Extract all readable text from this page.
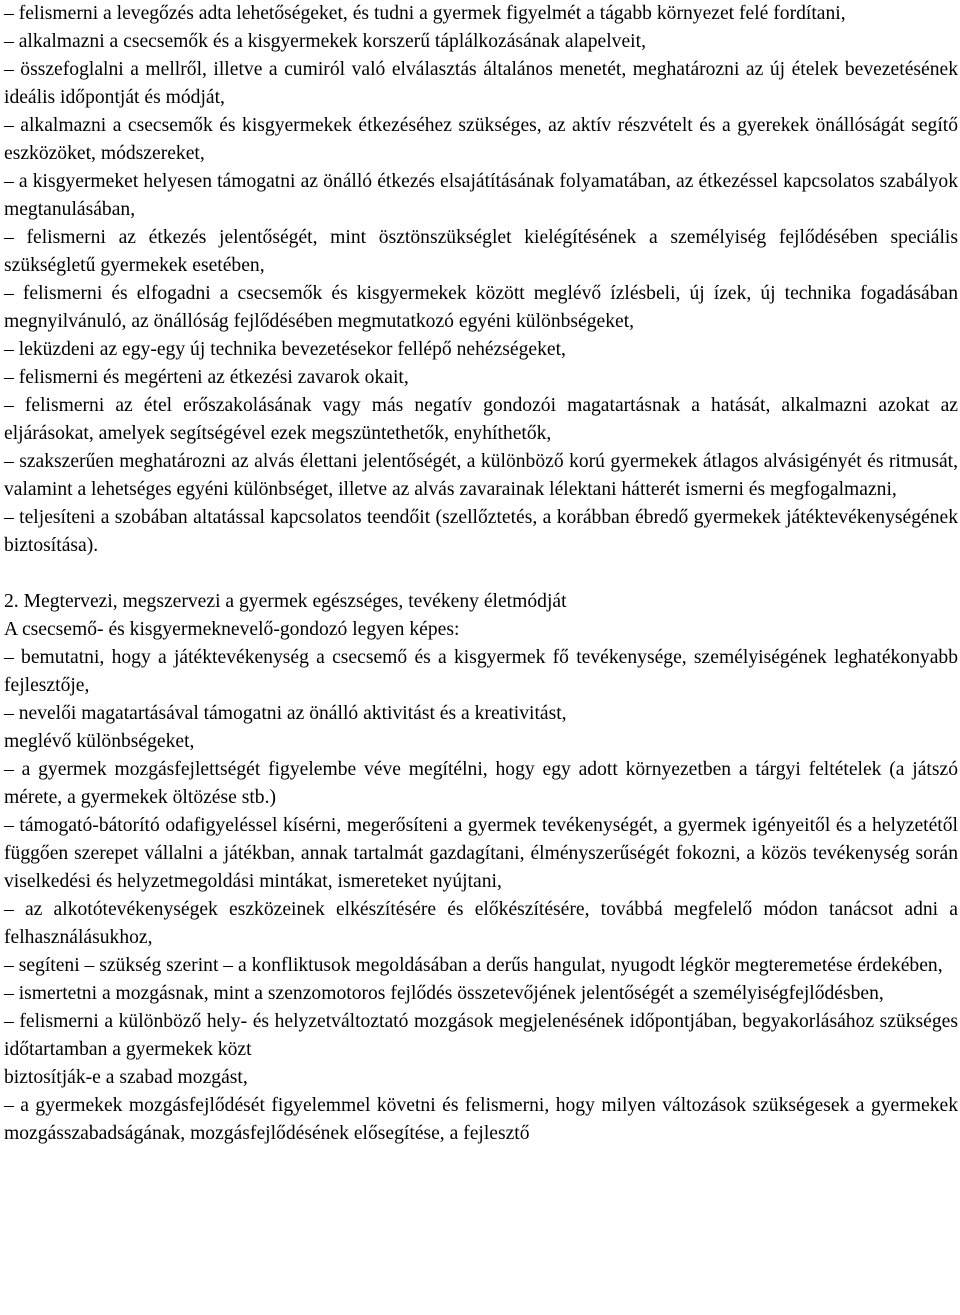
– felismerni a levegőzés adta lehetőségeket, és tudni a gyermek figyelmét a tágabb környezet felé fordítani,

– alkalmazni a csecsemők és a kisgyermekek korszerű táplálkozásának alapelveit,

– összefoglalni a mellről, illetve a cumiról való elválasztás általános menetét, meghatározni az új ételek bevezetésének ideális időpontját és módját,

– alkalmazni a csecsemők és kisgyermekek étkezéséhez szükséges, az aktív részvételt és a gyerekek önállóságát segítő eszközöket, módszereket,

– a kisgyermeket helyesen támogatni az önálló étkezés elsajátításának folyamatában, az étkezéssel kapcsolatos szabályok megtanulásában,

– felismerni az étkezés jelentőségét, mint ösztönszükséglet kielégítésének a személyiség fejlődésében speciális szükségletű gyermekek esetében,

– felismerni és elfogadni a csecsemők és kisgyermekek között meglévő ízlésbeli, új ízek, új technika fogadásában megnyilvánuló, az önállóság fejlődésében megmutatkozó egyéni különbségeket,

– leküzdeni az egy-egy új technika bevezetésekor fellépő nehézségeket,

– felismerni és megérteni az étkezési zavarok okait,

– felismerni az étel erőszakolásának vagy más negatív gondozói magatartásnak a hatását, alkalmazni azokat az eljárásokat, amelyek segítségével ezek megszüntethetők, enyhíthetők,

– szakszerűen meghatározni az alvás élettani jelentőségét, a különböző korú gyermekek átlagos alvásigényét és ritmusát, valamint a lehetséges egyéni különbséget, illetve az alvás zavarainak lélektani hátterét ismerni és megfogalmazni,

– teljesíteni a szobában altatással kapcsolatos teendőit (szellőztetés, a korábban ébredő gyermekek játéktevékenységének biztosítása).

2. Megtervezi, megszervezi a gyermek egészséges, tevékeny életmódját

A csecsemő- és kisgyermeknevelő-gondozó legyen képes:

– bemutatni, hogy a játéktevékenység a csecsemő és a kisgyermek fő tevékenysége, személyiségének leghatékonyabb fejlesztője,

– nevelői magatartásával támogatni az önálló aktivitást és a kreativitást,

meglévő különbségeket,

– a gyermek mozgásfejlettségét figyelembe véve megítélni, hogy egy adott környezetben a tárgyi feltételek (a játszó mérete, a gyermekek öltözése stb.)

– támogató-bátorító odafigyeléssel kísérni, megerősíteni a gyermek tevékenységét, a gyermek igényeitől és a helyzetétől függően szerepet vállalni a játékban, annak tartalmát gazdagítani, élményszerűségét fokozni, a közös tevékenység során viselkedési és helyzetmegoldási mintákat, ismereteket nyújtani,

– az alkotótevékenységek eszközeinek elkészítésére és előkészítésére, továbbá megfelelő módon tanácsot adni a felhasználásukhoz,

– segíteni – szükség szerint – a konfliktusok megoldásában a derűs hangulat, nyugodt légkör megteremetése érdekében,

– ismertetni a mozgásnak, mint a szenzomotoros fejlődés összetevőjének jelentőségét a személyiségfejlődésben,

– felismerni a különböző hely- és helyzetváltoztató mozgások megjelenésének időpontjában, begyakorlásához szükséges időtartamban a gyermekek közt

biztosítják-e a szabad mozgást,

– a gyermekek mozgásfejlődését figyelemmel követni és felismerni, hogy milyen változások szükségesek a gyermekek mozgásszabadságának, mozgásfejlődésének elősegítése, a fejlesztő
